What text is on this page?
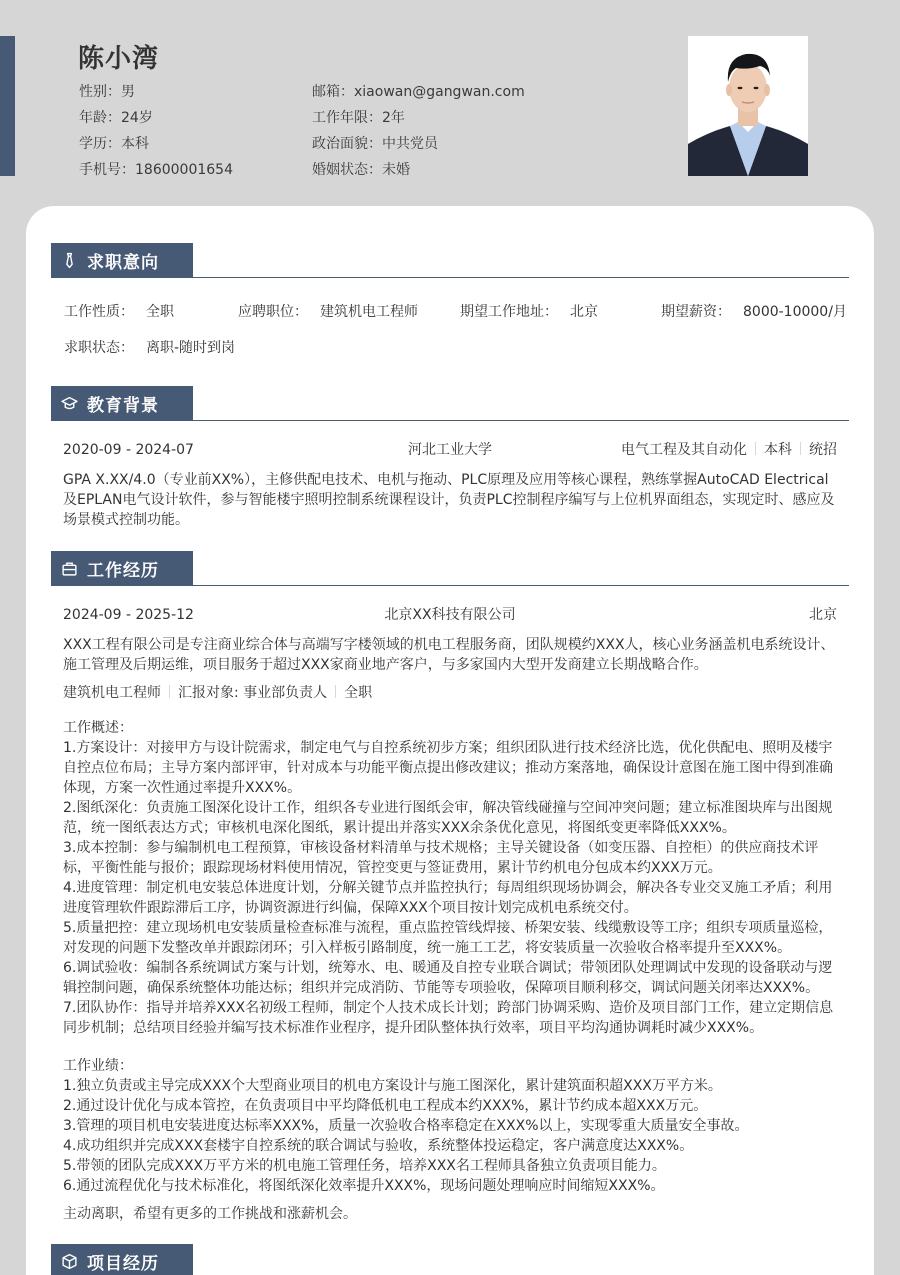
陈小湾
性别：男
年龄：24岁
学历：本科
手机号：18600001654
邮箱：xiaowan@gangwan.com
工作年限：2年
政治面貌：中共党员
婚姻状态：未婚
求职意向
工作性质： 全职	应聘职位： 建筑机电工程师	期望工作地址： 北京	期望薪资： 8000-10000/月
求职状态： 离职-随时到岗
教育背景
2020-09 - 2024-07	河北工业大学	电气工程及其自动化 本科 统招
GPA X.XX/4.0（专业前XX%），主修供配电技术、电机与拖动、PLC原理及应用等核心课程，熟练掌握AutoCAD Electrical及EPLAN电气设计软件，参与智能楼宇照明控制系统课程设计，负责PLC控制程序编写与上位机界面组态，实现定时、感应及场景模式控制功能。
工作经历
2024-09 - 2025-12	北京XX科技有限公司	北京
XXX工程有限公司是专注商业综合体与高端写字楼领域的机电工程服务商，团队规模约XXX人，核心业务涵盖机电系统设计、施工管理及后期运维，项目服务于超过XXX家商业地产客户，与多家国内大型开发商建立长期战略合作。
建筑机电工程师 汇报对象: 事业部负责人 全职
工作概述：
1.方案设计：对接甲方与设计院需求，制定电气与自控系统初步方案；组织团队进行技术经济比选，优化供配电、照明及楼宇自控点位布局；主导方案内部评审，针对成本与功能平衡点提出修改建议；推动方案落地，确保设计意图在施工图中得到准确体现，方案一次性通过率提升XXX%。
2.图纸深化：负责施工图深化设计工作，组织各专业进行图纸会审，解决管线碰撞与空间冲突问题；建立标准图块库与出图规范，统一图纸表达方式；审核机电深化图纸，累计提出并落实XXX余条优化意见，将图纸变更率降低XXX%。
3.成本控制：参与编制机电工程预算，审核设备材料清单与技术规格；主导关键设备（如变压器、自控柜）的供应商技术评标，平衡性能与报价；跟踪现场材料使用情况，管控变更与签证费用，累计节约机电分包成本约XXX万元。
4.进度管理：制定机电安装总体进度计划，分解关键节点并监控执行；每周组织现场协调会，解决各专业交叉施工矛盾；利用进度管理软件跟踪滞后工序，协调资源进行纠偏，保障XXX个项目按计划完成机电系统交付。
5.质量把控：建立现场机电安装质量检查标准与流程，重点监控管线焊接、桥架安装、线缆敷设等工序；组织专项质量巡检，对发现的问题下发整改单并跟踪闭环；引入样板引路制度，统一施工工艺，将安装质量一次验收合格率提升至XXX%。
6.调试验收：编制各系统调试方案与计划，统筹水、电、暖通及自控专业联合调试；带领团队处理调试中发现的设备联动与逻辑控制问题，确保系统整体功能达标；组织并完成消防、节能等专项验收，保障项目顺利移交，调试问题关闭率达XXX%。
7.团队协作：指导并培养XXX名初级工程师，制定个人技术成长计划；跨部门协调采购、造价及项目部门工作，建立定期信息同步机制；总结项目经验并编写技术标准作业程序，提升团队整体执行效率，项目平均沟通协调耗时减少XXX%。
工作业绩：
1.独立负责或主导完成XXX个大型商业项目的机电方案设计与施工图深化，累计建筑面积超XXX万平方米。
2.通过设计优化与成本管控，在负责项目中平均降低机电工程成本约XXX%，累计节约成本超XXX万元。
3.管理的项目机电安装进度达标率XXX%，质量一次验收合格率稳定在XXX%以上，实现零重大质量安全事故。
4.成功组织并完成XXX套楼宇自控系统的联合调试与验收，系统整体投运稳定，客户满意度达XXX%。
5.带领的团队完成XXX万平方米的机电施工管理任务，培养XXX名工程师具备独立负责项目能力。
6.通过流程优化与技术标准化，将图纸深化效率提升XXX%，现场问题处理响应时间缩短XXX%。
主动离职，希望有更多的工作挑战和涨薪机会。
项目经历
